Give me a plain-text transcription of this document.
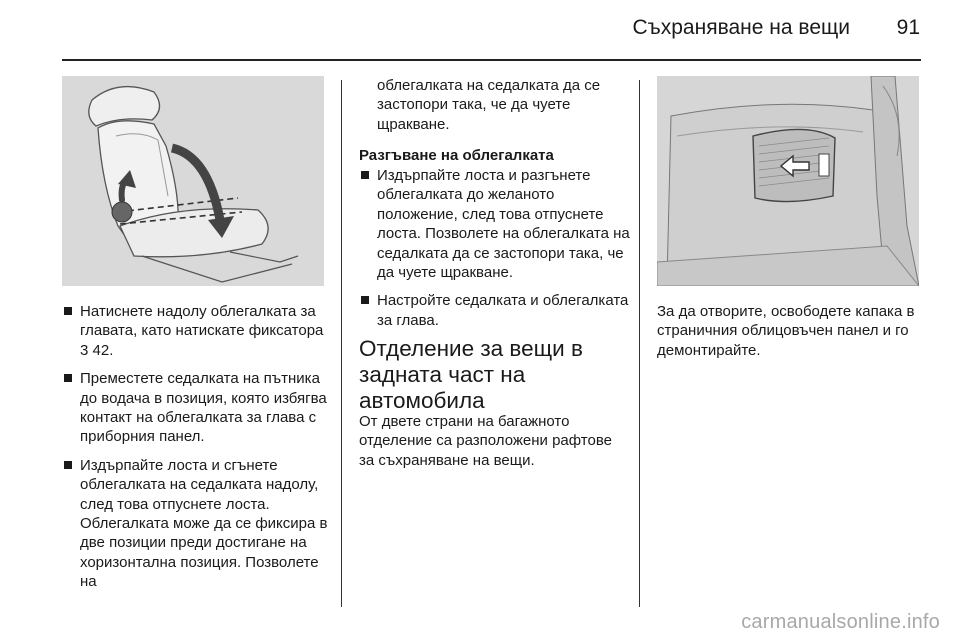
Съхраняване на вещи	91
Натиснете надолу облегалката за главата, като натискате фиксатора 3 42.
Преместете седалката на пътника до водача в позиция, която избягва контакт на облегалката за глава с приборния панел.
Издърпайте лоста и сгънете облегалката на седалката надолу, след това отпуснете лоста. Облегалката може да се фиксира в две позиции преди достигане на хоризонтална позиция. Позволете на

облегалката на седалката да се застопори така, че да чуете щракване.

Разгъване на облегалката

Издърпайте лоста и разгънете облегалката до желаното положение, след това отпуснете лоста. Позволете на облегалката на седалката да се застопори така, че да чуете щракване.
Настройте седалката и облегалката за глава.
Отделение за вещи в задната част на автомобила

От двете страни на багажното отделение са разположени рафтове за съхраняване на вещи.

За да отворите, освободете капака в страничния облицовъчен панел и го демонтирайте.

carmanualsonline.info
